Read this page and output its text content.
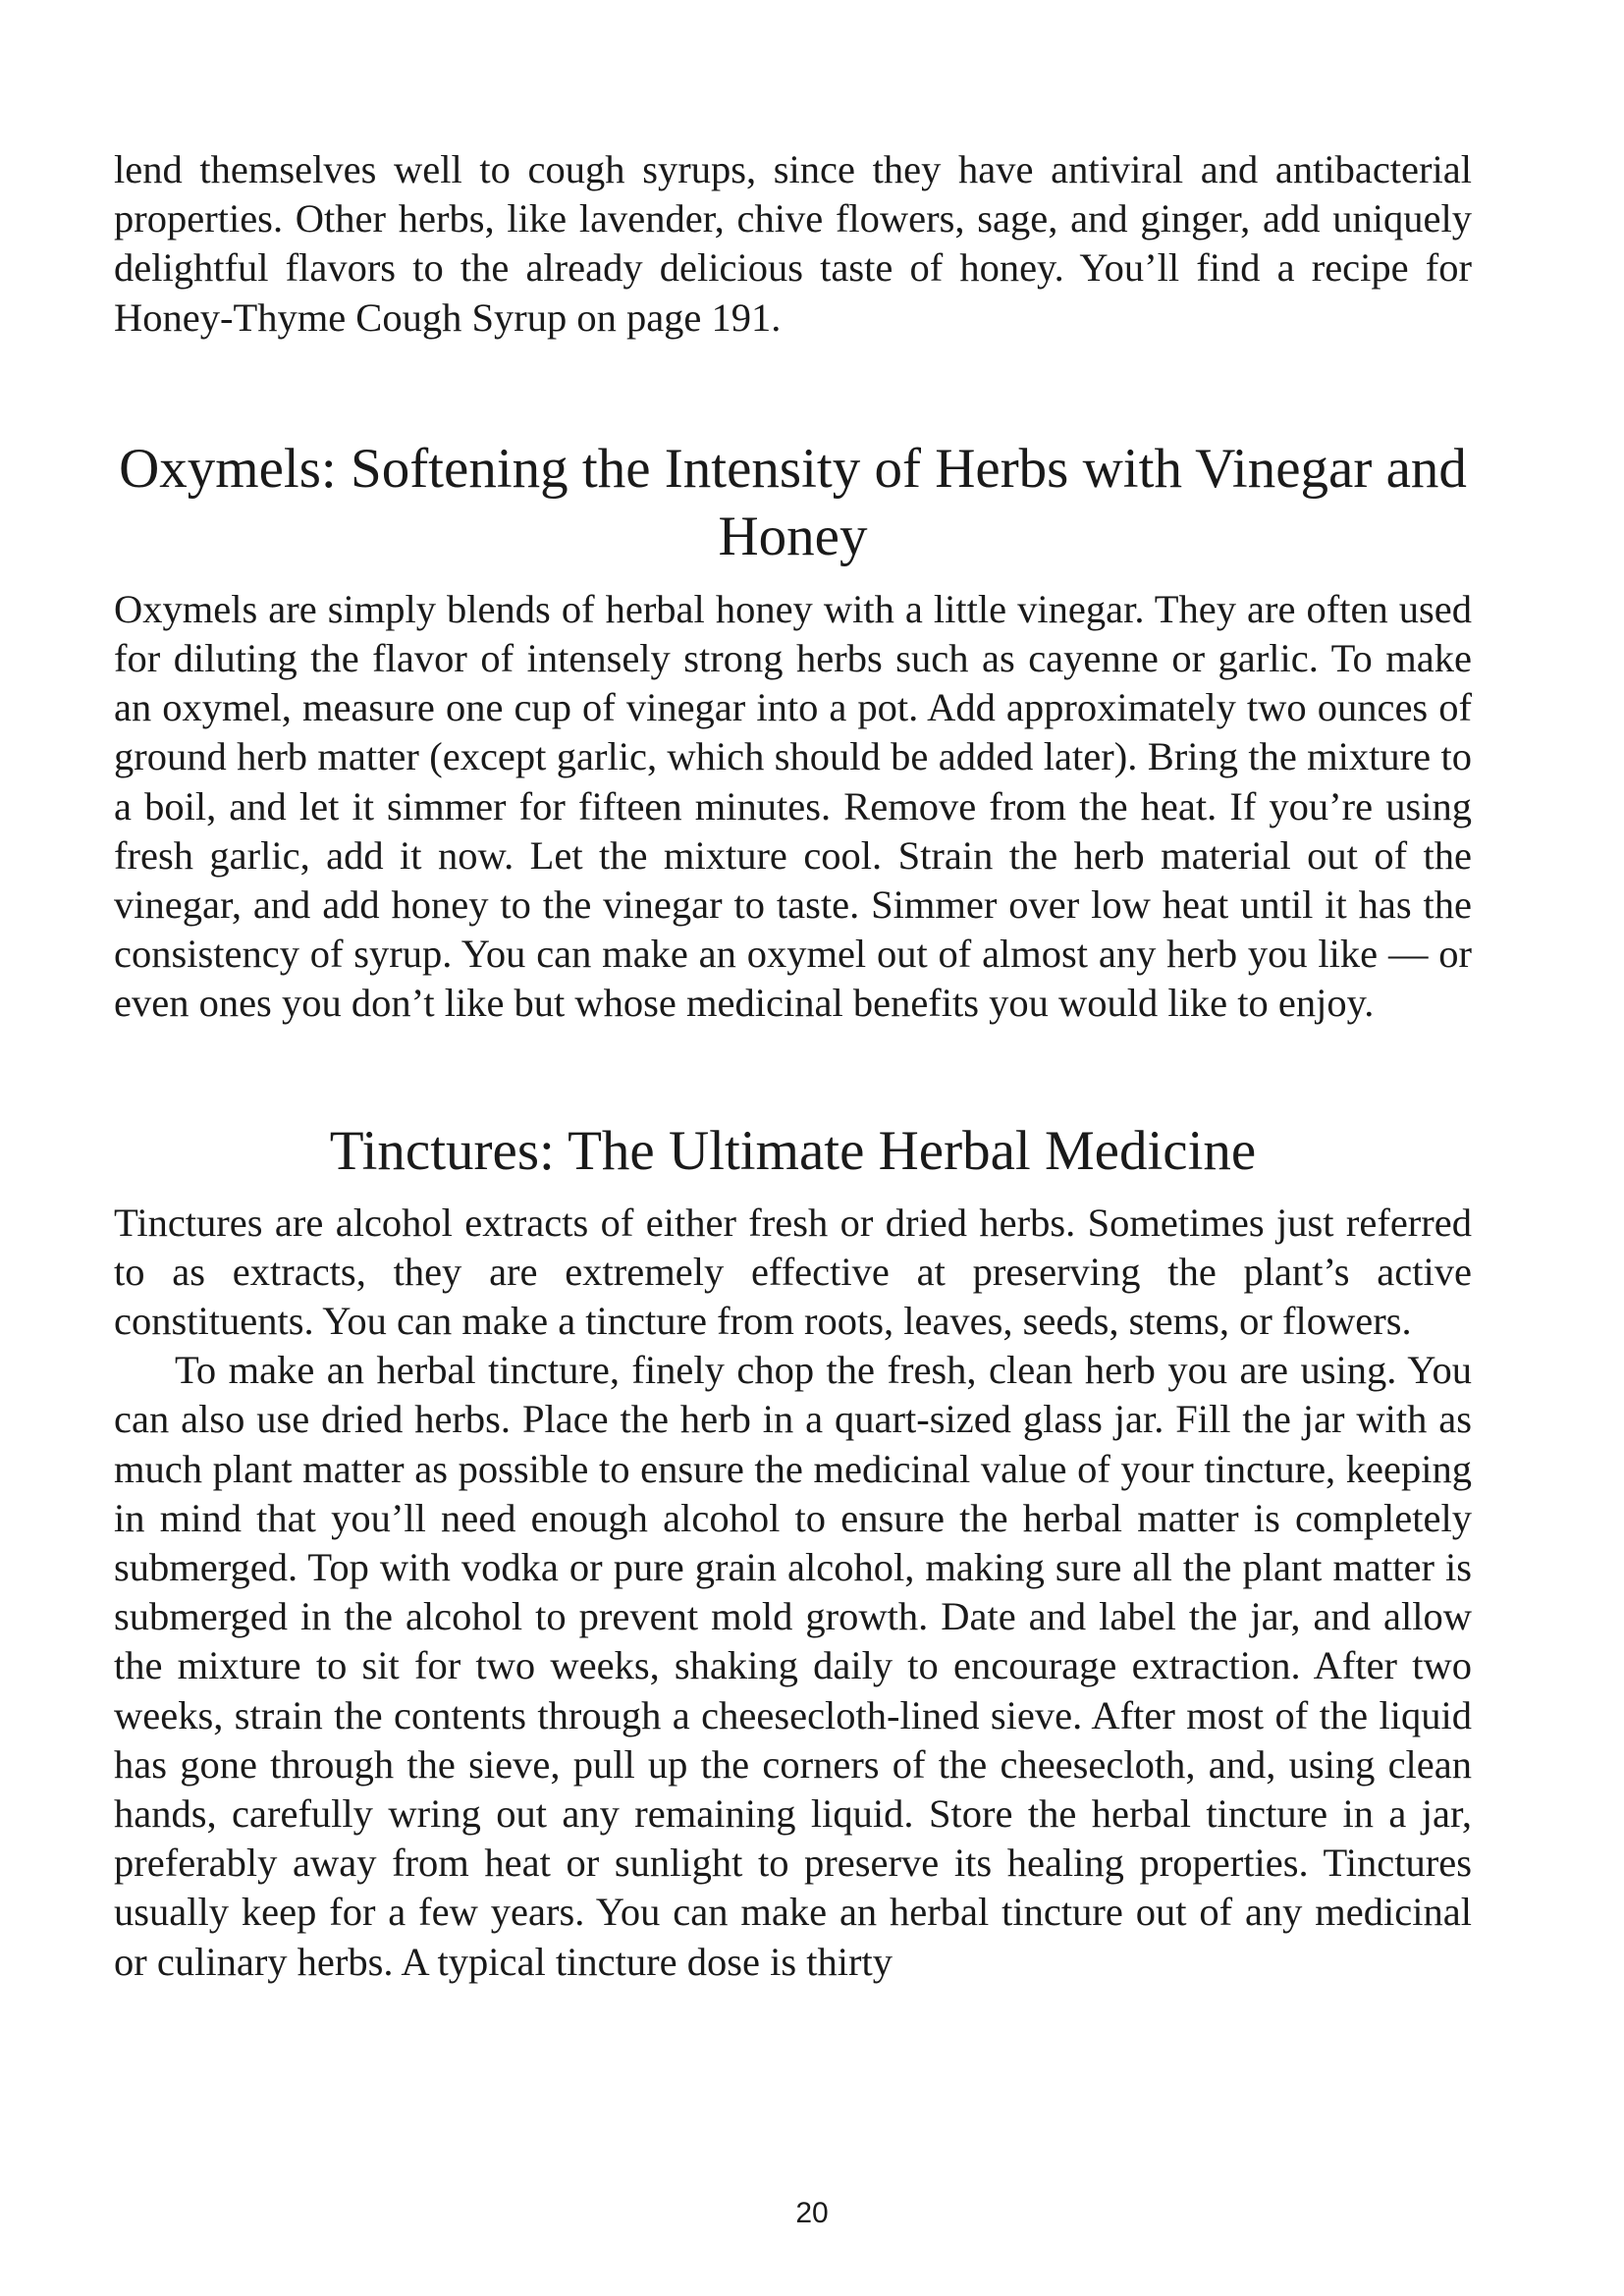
lend themselves well to cough syrups, since they have antiviral and antibacterial properties. Other herbs, like lavender, chive flowers, sage, and ginger, add uniquely delightful flavors to the already delicious taste of honey. You’ll find a recipe for Honey-Thyme Cough Syrup on page 191.

Oxymels: Softening the Intensity of Herbs with Vinegar and Honey

Oxymels are simply blends of herbal honey with a little vinegar. They are often used for diluting the flavor of intensely strong herbs such as cayenne or garlic. To make an oxymel, measure one cup of vinegar into a pot. Add approximately two ounces of ground herb matter (except garlic, which should be added later). Bring the mixture to a boil, and let it simmer for fifteen minutes. Remove from the heat. If you’re using fresh garlic, add it now. Let the mixture cool. Strain the herb material out of the vinegar, and add honey to the vinegar to taste. Simmer over low heat until it has the consistency of syrup. You can make an oxymel out of almost any herb you like — or even ones you don’t like but whose medicinal benefits you would like to enjoy.

Tinctures: The Ultimate Herbal Medicine

Tinctures are alcohol extracts of either fresh or dried herbs. Sometimes just referred to as extracts, they are extremely effective at preserving the plant’s active constituents. You can make a tincture from roots, leaves, seeds, stems, or flowers.

To make an herbal tincture, finely chop the fresh, clean herb you are using. You can also use dried herbs. Place the herb in a quart-sized glass jar. Fill the jar with as much plant matter as possible to ensure the medicinal value of your tincture, keeping in mind that you’ll need enough alcohol to ensure the herbal matter is completely submerged. Top with vodka or pure grain alcohol, making sure all the plant matter is submerged in the alcohol to prevent mold growth. Date and label the jar, and allow the mixture to sit for two weeks, shaking daily to encourage extraction. After two weeks, strain the contents through a cheesecloth-lined sieve. After most of the liquid has gone through the sieve, pull up the corners of the cheesecloth, and, using clean hands, carefully wring out any remaining liquid. Store the herbal tincture in a jar, preferably away from heat or sunlight to preserve its healing properties. Tinctures usually keep for a few years. You can make an herbal tincture out of any medicinal or culinary herbs. A typical tincture dose is thirty

20
